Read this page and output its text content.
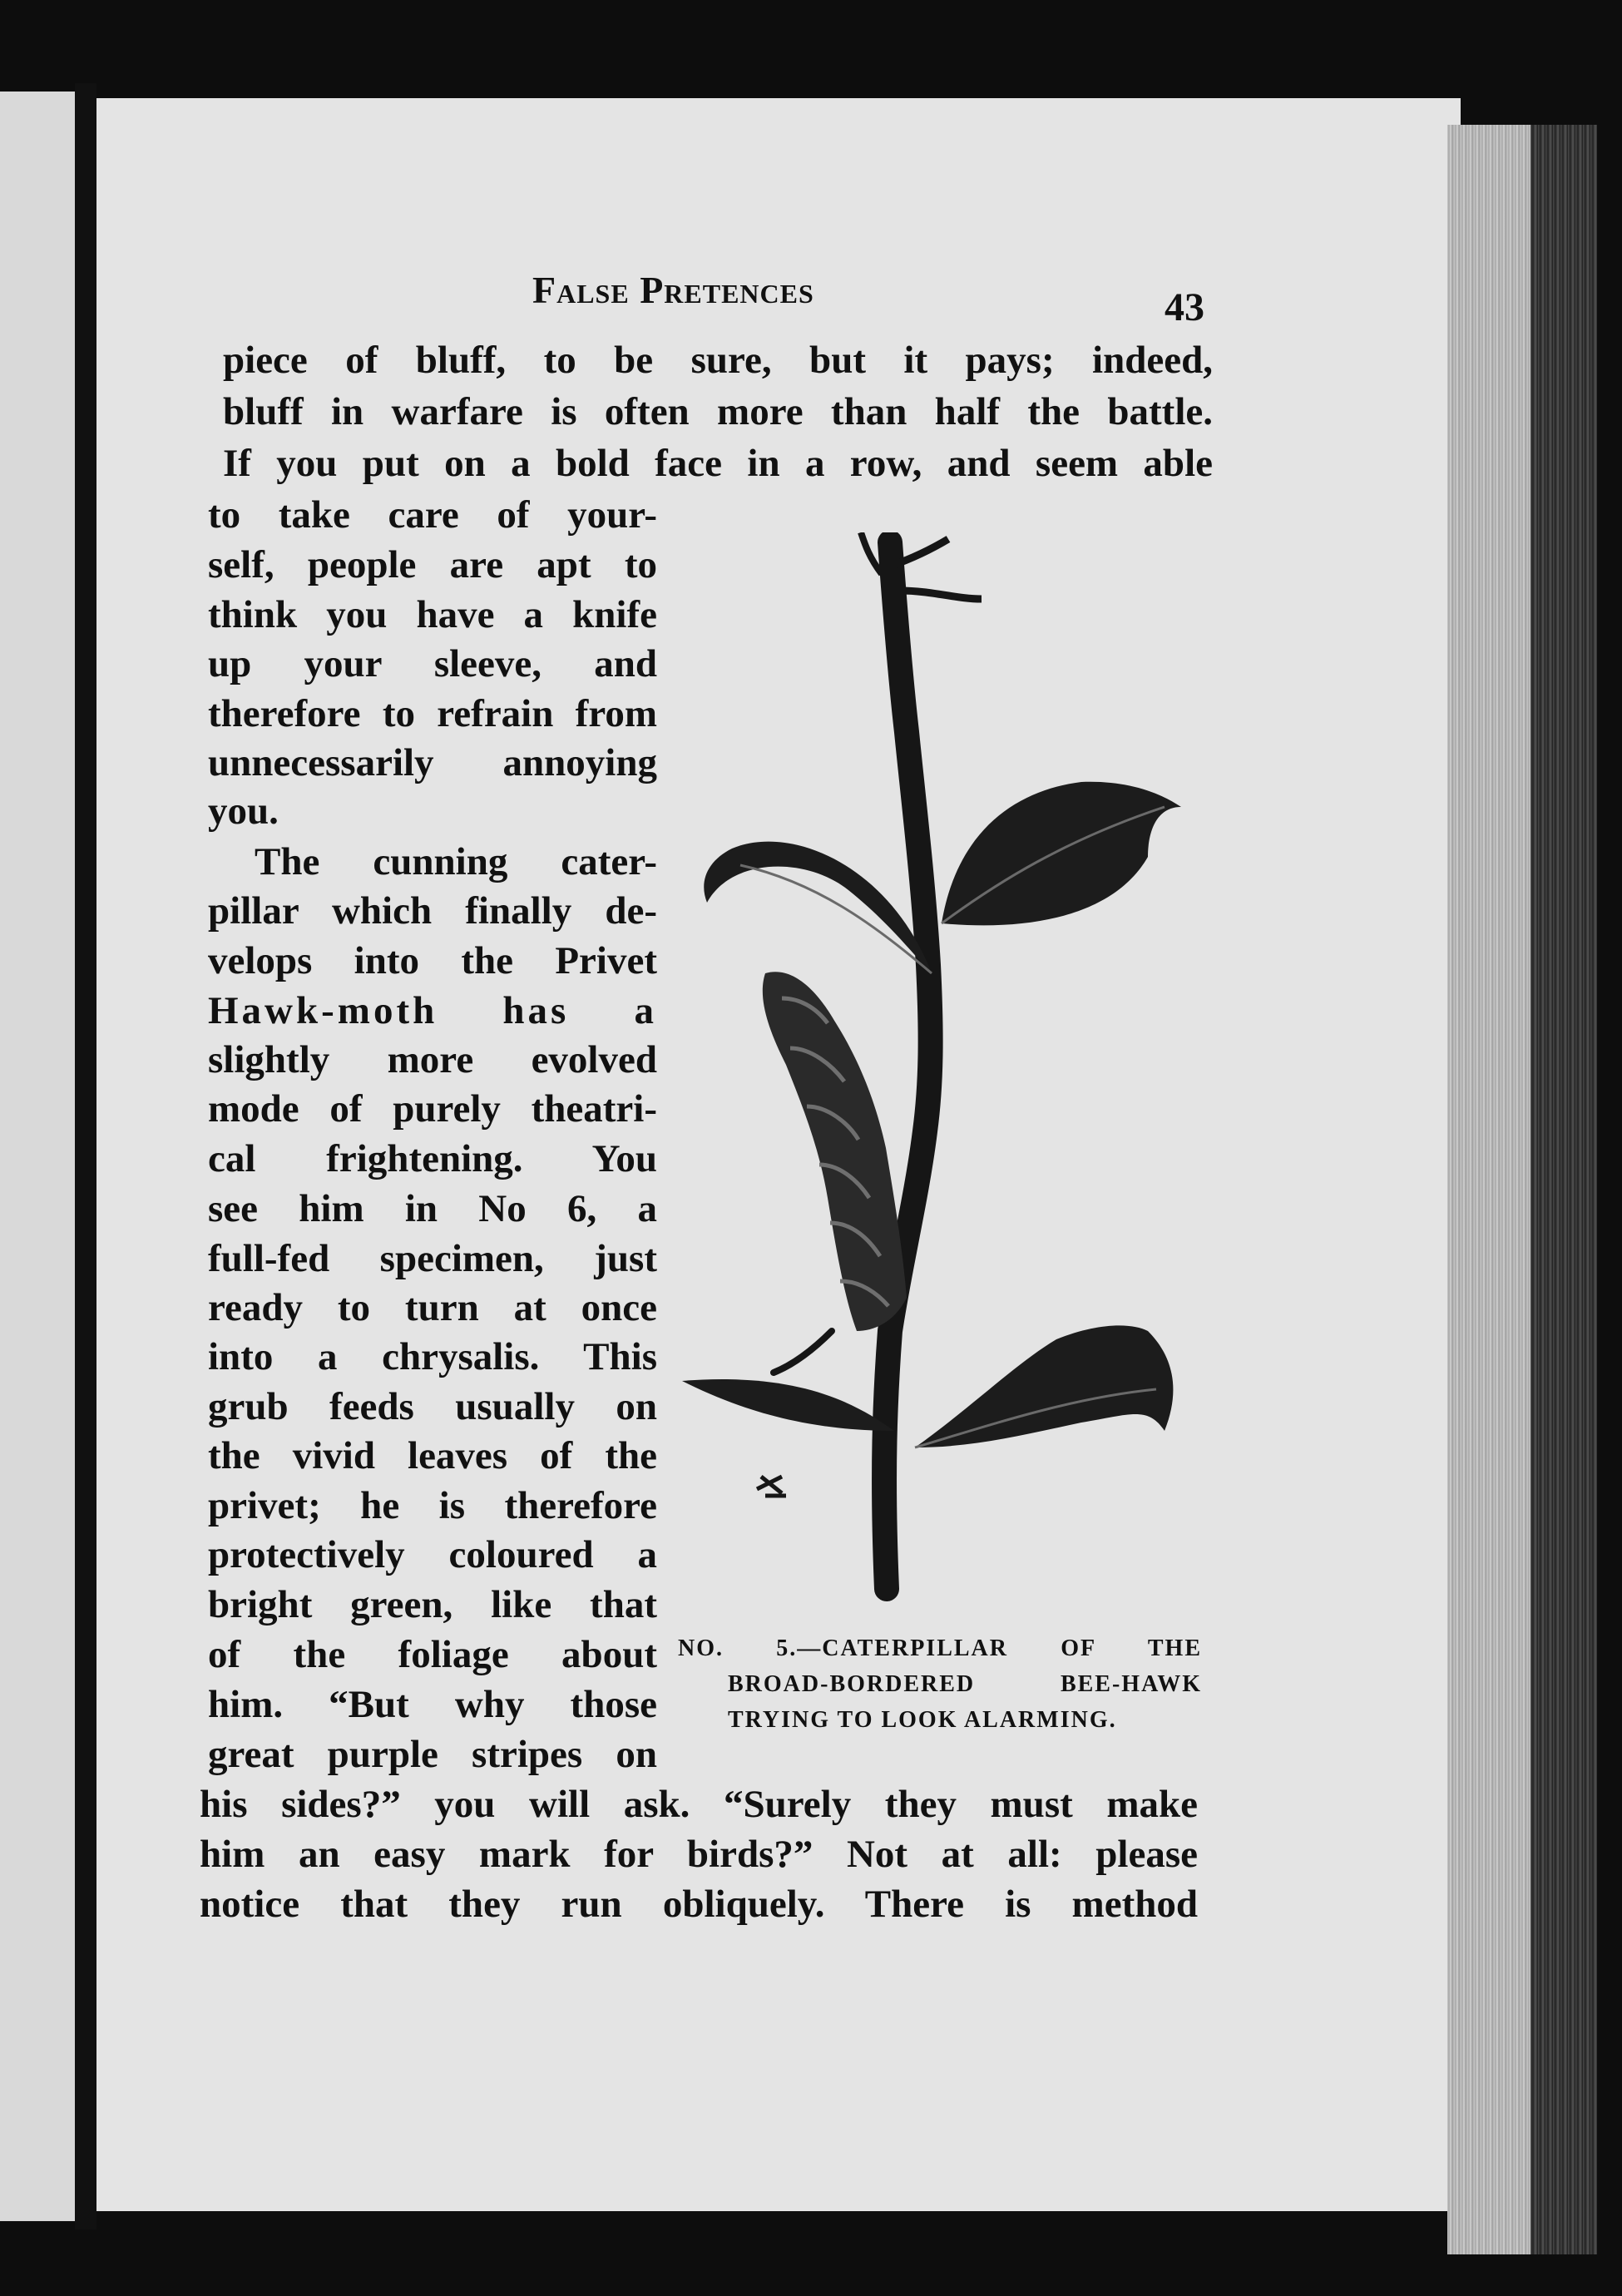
False Pretences	43

piece of bluff, to be sure, but it pays; indeed,
bluff in warfare is often more than half the battle.
If you put on a bold face in a row, and seem able
to take care of your-
self, people are apt to
think you have a knife
up your sleeve, and
therefore to refrain from
unnecessarily annoying
you.
The cunning cater-
pillar which finally de-
velops into the Privet
Hawk-moth has a
slightly more evolved
mode of purely theatri-
cal frightening. You
see him in No 6, a
full-fed specimen, just
ready to turn at once
into a chrysalis. This
grub feeds usually on
the vivid leaves of the
privet; he is therefore
protectively coloured a
bright green, like that
of the foliage about
him. “But why those
great purple stripes on
his sides?” you will ask. “Surely they must make
him an easy mark for birds?” Not at all: please
notice that they run obliquely. There is method
NO. 5.—CATERPILLAR OF THE
BROAD-BORDERED BEE-HAWK
TRYING TO LOOK ALARMING.
